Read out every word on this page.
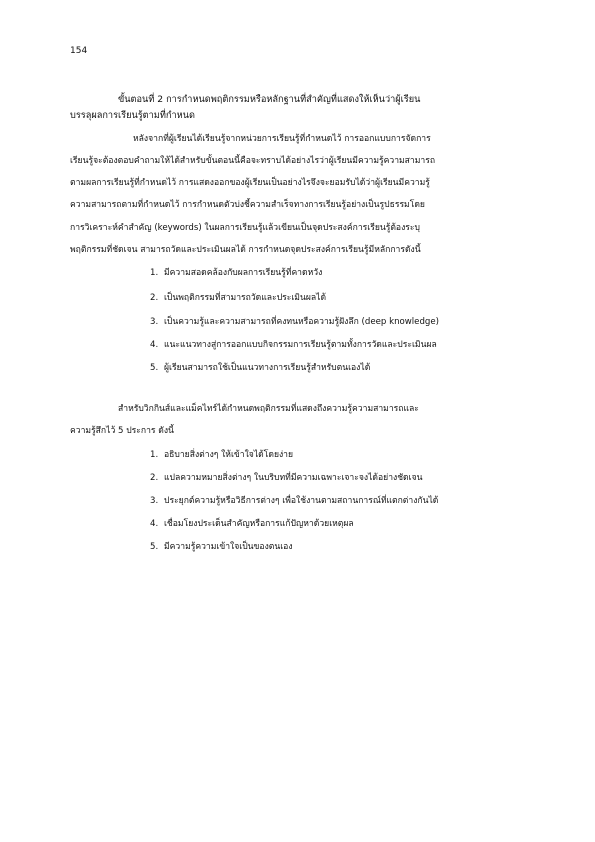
154
ขั้นตอนที่ 2 การกำหนดพฤติกรรมหรือหลักฐานที่สำคัญที่แสดงให้เห็นว่าผู้เรียน
บรรลุผลการเรียนรู้ตามที่กำหนด
หลังจากที่ผู้เรียนได้เรียนรู้จากหน่วยการเรียนรู้ที่กำหนดไว้ การออกแบบการจัดการ
เรียนรู้จะต้องตอบคำถามให้ได้สำหรับขั้นตอนนี้คือจะทราบได้อย่างไรว่าผู้เรียนมีความรู้ความสามารถ
ตามผลการเรียนรู้ที่กำหนดไว้ การแสดงออกของผู้เรียนเป็นอย่างไรจึงจะยอมรับได้ว่าผู้เรียนมีความรู้
ความสามารถตามที่กำหนดไว้ การกำหนดตัวบ่งชี้ความสำเร็จทางการเรียนรู้อย่างเป็นรูปธรรมโดย
การวิเคราะห์คำสำคัญ (keywords) ในผลการเรียนรู้แล้วเขียนเป็นจุดประสงค์การเรียนรู้ต้องระบุ
พฤติกรรมที่ชัดเจน สามารถวัดและประเมินผลได้ การกำหนดจุดประสงค์การเรียนรู้มีหลักการดังนี้
1. มีความสอดคล้องกับผลการเรียนรู้ที่คาดหวัง
2. เป็นพฤติกรรมที่สามารถวัดและประเมินผลได้
3. เป็นความรู้และความสามารถที่คงทนหรือความรู้ฝังลึก (deep knowledge)
4. แนะแนวทางสู่การออกแบบกิจกรรมการเรียนรู้ตามทั้งการวัดและประเมินผล
5. ผู้เรียนสามารถใช้เป็นแนวทางการเรียนรู้สำหรับตนเองได้
สำหรับวิกกินส์และแม็คไทร์ได้กำหนดพฤติกรรมที่แสดงถึงความรู้ความสามารถและ
ความรู้สึกไว้ 5 ประการ ดังนี้
1. อธิบายสิ่งต่างๆ ให้เข้าใจได้โดยง่าย
2. แปลความหมายสิ่งต่างๆ ในบริบทที่มีความเฉพาะเจาะจงได้อย่างชัดเจน
3. ประยุกต์ความรู้หรือวิธีการต่างๆ เพื่อใช้งานตามสถานการณ์ที่แตกต่างกันได้
4. เชื่อมโยงประเด็นสำคัญหรือการแก้ปัญหาด้วยเหตุผล
5. มีความรู้ความเข้าใจเป็นของตนเอง
